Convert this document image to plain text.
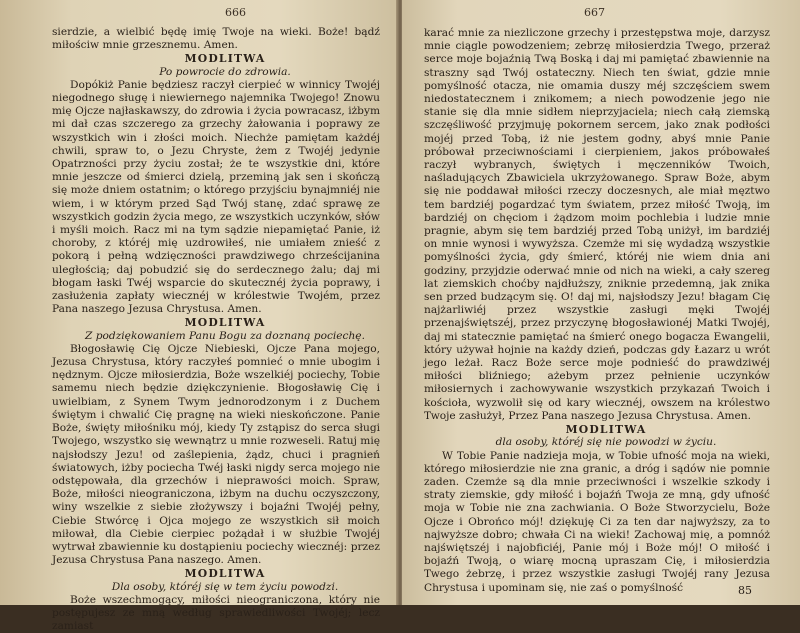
666

sierdzie, a wielbić będę imię Twoje na wieki. Boże! bądź miłościw mnie grzesznemu. Amen.

MODLITWA

Po powrocie do zdrowia.

Dopókiż Panie będziesz raczył cierpieć w winnicy Twojéj niegodnego sługę i niewiernego najemnika Twojego! Znowu mię Ojcze najłaskawszy, do zdrowia i życia powracasz, iżbym mi dał czas szczerego za grzechy żałowania i poprawy ze wszystkich win i złości moich. Niechże pamiętam każdéj chwili, spraw to, o Jezu Chryste, żem z Twojéj jedynie Opatrzności przy życiu został; że te wszystkie dni, które mnie jeszcze od śmierci dzielą, przeminą jak sen i skończą się może dniem ostatnim; o którego przyjściu bynajmniéj nie wiem, i w którym przed Sąd Twój stanę, zdać sprawę ze wszystkich godzin życia mego, ze wszystkich uczynków, słów i myśli moich. Racz mi na tym sądzie niepamiętać Panie, iż choroby, z któréj mię uzdrowiłeś, nie umiałem znieść z pokorą i pełną wdzięczności prawdziwego chrześcijanina uległością; daj pobudzić się do serdecznego żalu; daj mi błogam łaski Twéj wsparcie do skutecznéj życia poprawy, i zasłużenia zapłaty wiecznéj w królestwie Twojém, przez Pana naszego Jezusa Chrystusa. Amen.

MODLITWA

Z podziękowaniem Panu Bogu za doznaną pociechę.

Błogosławię Cię Ojcze Niebieski, Ojcze Pana mojego, Jezusa Chrystusa, który raczyłeś pomnieć o mnie ubogim i nędznym. Ojcze miłosierdzia, Boże wszelkiéj pociechy, Tobie samemu niech będzie dziękczynienie. Błogosławię Cię i uwielbiam, z Synem Twym jednorodzonym i z Duchem świętym i chwalić Cię pragnę na wieki nieskończone. Panie Boże, święty miłośniku mój, kiedy Ty zstąpisz do serca sługi Twojego, wszystko się wewnątrz u mnie rozweseli. Ratuj mię najsłodszy Jezu! od zaślepienia, żądz, chuci i pragnień światowych, iżby pociecha Twéj łaski nigdy serca mojego nie odstępowała, dla grzechów i nieprawości moich. Spraw, Boże, miłości nieograniczona, iżbym na duchu oczyszczony, winy wszelkie z siebie złożywszy i bojaźni Twojéj pełny, Ciebie Stwórcę i Ojca mojego ze wszystkich sił moich miłował, dla Ciebie cierpiec pożądał i w służbie Twojéj wytrwał zbawiennie ku dostąpieniu pociechy wiecznéj: przez Jezusa Chrystusa Pana naszego. Amen.

MODLITWA

Dla osoby, któréj się w tem życiu powodzi.

Boże wszechmogący, miłości nieograniczona, który nie postępujesz ze mną według sprawiedliwości Twojéj; lecz zamiast

667

karać mnie za niezliczone grzechy i przestępstwa moje, darzysz mnie ciągle powodzeniem; zebrzę miłosierdzia Twego, przeraż serce moje bojaźnią Twą Boską i daj mi pamiętać zbawiennie na straszny sąd Twój ostateczny. Niech ten świat, gdzie mnie pomyślność otacza, nie omamia duszy méj szczęściem swem niedostatecznem i znikomem; a niech powodzenie jego nie stanie się dla mnie sidłem nieprzyjaciela; niech całą ziemską szczęśliwość przyjmuję pokornem sercem, jako znak podłości mojéj przed Tobą, iż nie jestem godny, abyś mnie Panie próbował przeciwnościami i cierpieniem, jakos próbowałeś raczył wybranych, świętych i męczenników Twoich, naśladujących Zbawiciela ukrzyżowanego. Spraw Boże, abym się nie poddawał miłości rzeczy doczesnych, ale miał męztwo tem bardziéj pogardzać tym światem, przez miłość Twoją, im bardziéj on chęciom i żądzom moim pochlebia i ludzie mnie pragnie, abym się tem bardziéj przed Tobą uniżył, im bardziéj on mnie wynosi i wywyższa. Czemże mi się wydadzą wszystkie pomyślności życia, gdy śmierć, któréj nie wiem dnia ani godziny, przyjdzie oderwać mnie od nich na wieki, a cały szereg lat ziemskich choćby najdłuższy, zniknie przedemną, jak znika sen przed budzącym się. O! daj mi, najsłodszy Jezu! błagam Cię najżarliwiéj przez wszystkie zasługi męki Twojéj przenajświętszéj, przez przyczynę błogosławionéj Matki Twojéj, daj mi statecznie pamiętać na śmierć onego bogacza Ewangelii, który używał hojnie na każdy dzień, podczas gdy Łazarz u wrót jego leżał. Racz Boże serce moje podnieść do prawdziwéj miłości bliźniego; ażebym przez pełnienie uczynków miłosiernych i zachowywanie wszystkich przykazań Twoich i kościoła, wyzwolił się od kary wiecznéj, owszem na królestwo Twoje zasłużył, Przez Pana naszego Jezusa Chrystusa. Amen.

MODLITWA

dla osoby, któréj się nie powodzi w życiu.

W Tobie Panie nadzieja moja, w Tobie ufność moja na wieki, którego miłosierdzie nie zna granic, a dróg i sądów nie pomnie zaden. Czemże są dla mnie przeciwności i wszelkie szkody i straty ziemskie, gdy miłość i bojaźń Twoja ze mną, gdy ufność moja w Tobie nie zna zachwiania. O Boże Stworzycielu, Boże Ojcze i Obrońco mój! dziękuję Ci za ten dar najwyższy, za to najwyższe dobro; chwała Ci na wieki! Zachowaj mię, a pomnóż najświętszéj i najobficiéj, Panie mój i Boże mój! O miłość i bojaźń Twoją, o wiarę mocną upraszam Cię, i miłosierdzia Twego żebrzę, i przez wszystkie zasługi Twojéj rany Jezusa Chrystusa i upominam się, nie zaś o pomyślność	85
